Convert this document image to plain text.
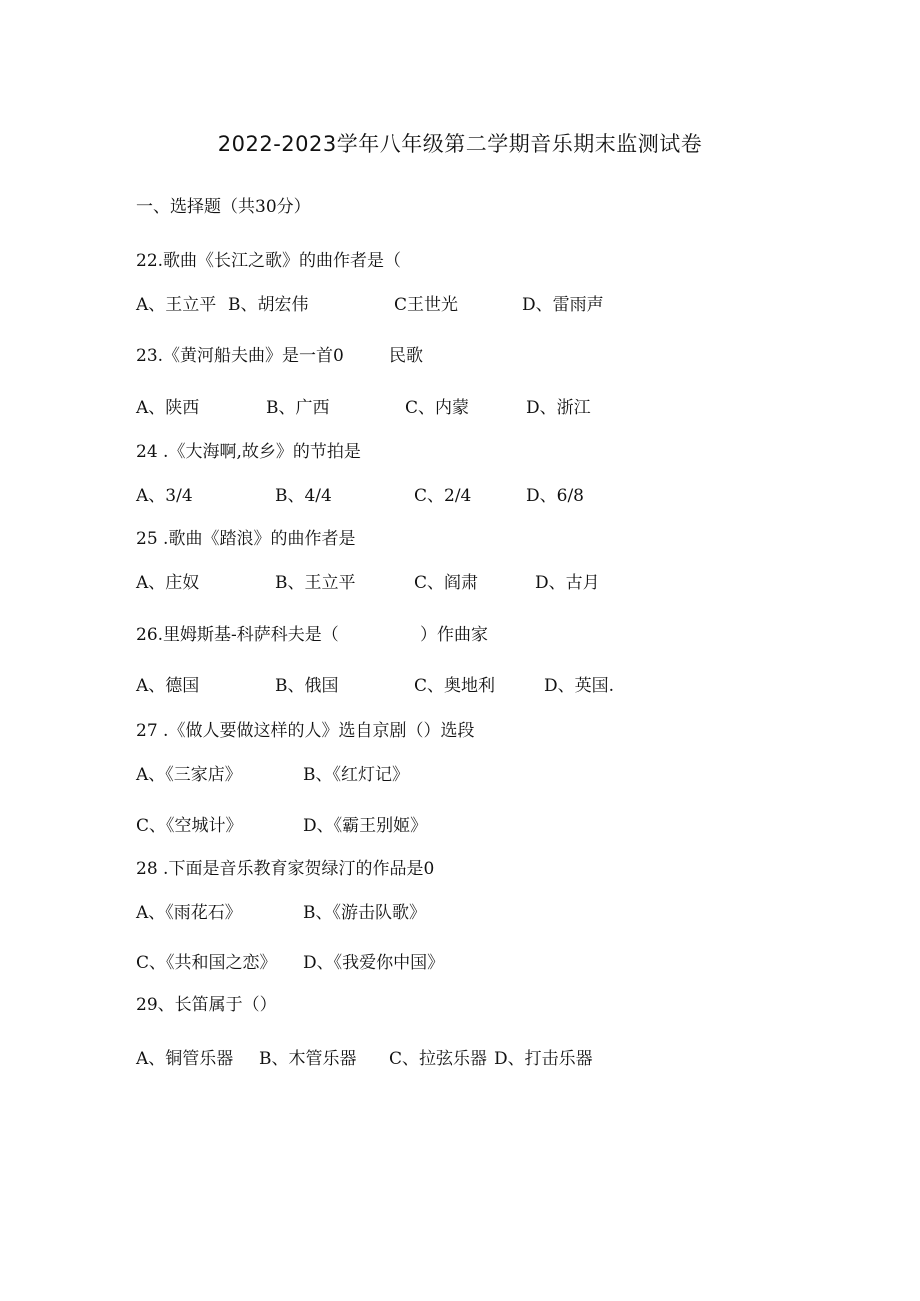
2022-2023学年八年级第二学期音乐期末监测试卷
一、选择题（共30分）
22.歌曲《长江之歌》的曲作者是（
A、王立平 B、胡宏伟	C王世光	D、雷雨声
23.《黄河船夫曲》是一首0	民歌
A、陕西	B、广西	C、内蒙	D、浙江
24 .《大海啊,故乡》的节拍是
A、3/4	B、4/4	C、2/4	D、6/8
25 .歌曲《踏浪》的曲作者是
A、庄奴	B、王立平	C、阎肃	D、古月
26.里姆斯基-科萨科夫是（	）作曲家
A、德国	B、俄国	C、奥地利	D、英国.
27 .《做人要做这样的人》选自京剧（）选段
A、《三家店》	B、《红灯记》
C、《空城计》	D、《霸王别姬》
28 .下面是音乐教育家贺绿汀的作品是0
A、《雨花石》	B、《游击队歌》
C、《共和国之恋》 D、《我爱你中国》
29、长笛属于（）
A、铜管乐器 B、木管乐器 C、拉弦乐器 D、打击乐器
